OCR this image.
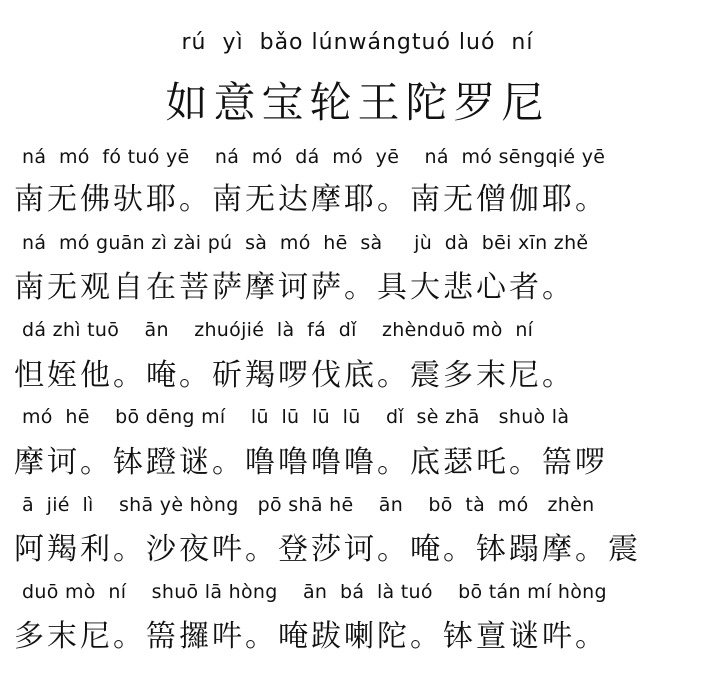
rú  yì  bǎo lúnwángtuó luó  ní
如意宝轮王陀罗尼
ná  mó  fó tuó yē    ná  mó  dá  mó  yē    ná  mó sēngqié yē
南无佛驮耶。南无达摩耶。南无僧伽耶。
ná  mó guān zì zài pú  sà  mó  hē  sà     jù  dà  bēi xīn zhě
南无观自在菩萨摩诃萨。具大悲心者。
dá zhì tuō    ān    zhuójié  là  fá  dǐ    zhènduō mò  ní
怛姪他。唵。斫羯啰伐底。震多末尼。
mó  hē    bō dēng mí    lū  lū  lū  lū    dǐ  sè zhā   shuò là
摩诃。钵蹬谜。噜噜噜噜。底瑟吒。篅啰
ā  jié  lì    shā yè hòng   pō shā hē    ān    bō  tà  mó   zhèn
阿羯利。沙夜吽。登莎诃。唵。钵蹋摩。震
duō mò  ní    shuō lā hòng    ān  bá  là tuó    bō tán mí hòng
多末尼。篅攞吽。唵跋喇陀。钵亶谜吽。
